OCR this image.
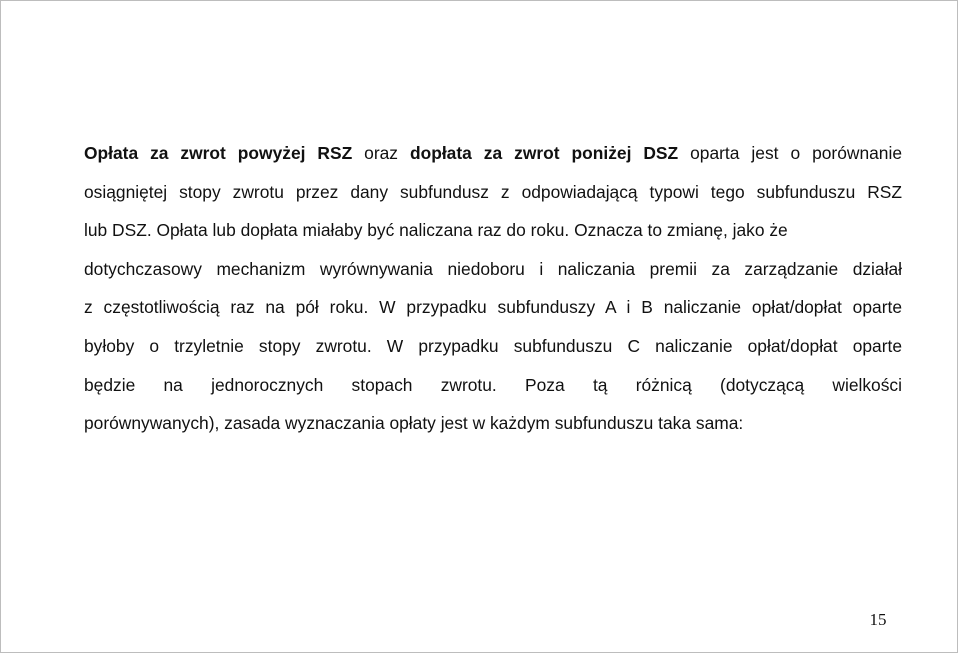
Opłata za zwrot powyżej RSZ oraz dopłata za zwrot poniżej DSZ oparta jest o porównanie
osiągniętej stopy zwrotu przez dany subfundusz z odpowiadającą typowi tego subfunduszu RSZ
lub DSZ. Opłata lub dopłata miałaby być naliczana raz do roku. Oznacza to zmianę, jako że
dotychczasowy mechanizm wyrównywania niedoboru i naliczania premii za zarządzanie działał
z częstotliwością raz na pół roku. W przypadku subfunduszy A i B naliczanie opłat/dopłat oparte
byłoby o trzyletnie stopy zwrotu. W przypadku subfunduszu C naliczanie opłat/dopłat oparte
będzie na jednorocznych stopach zwrotu. Poza tą różnicą (dotyczącą wielkości
porównywanych), zasada wyznaczania opłaty jest w każdym subfunduszu taka sama:
15
